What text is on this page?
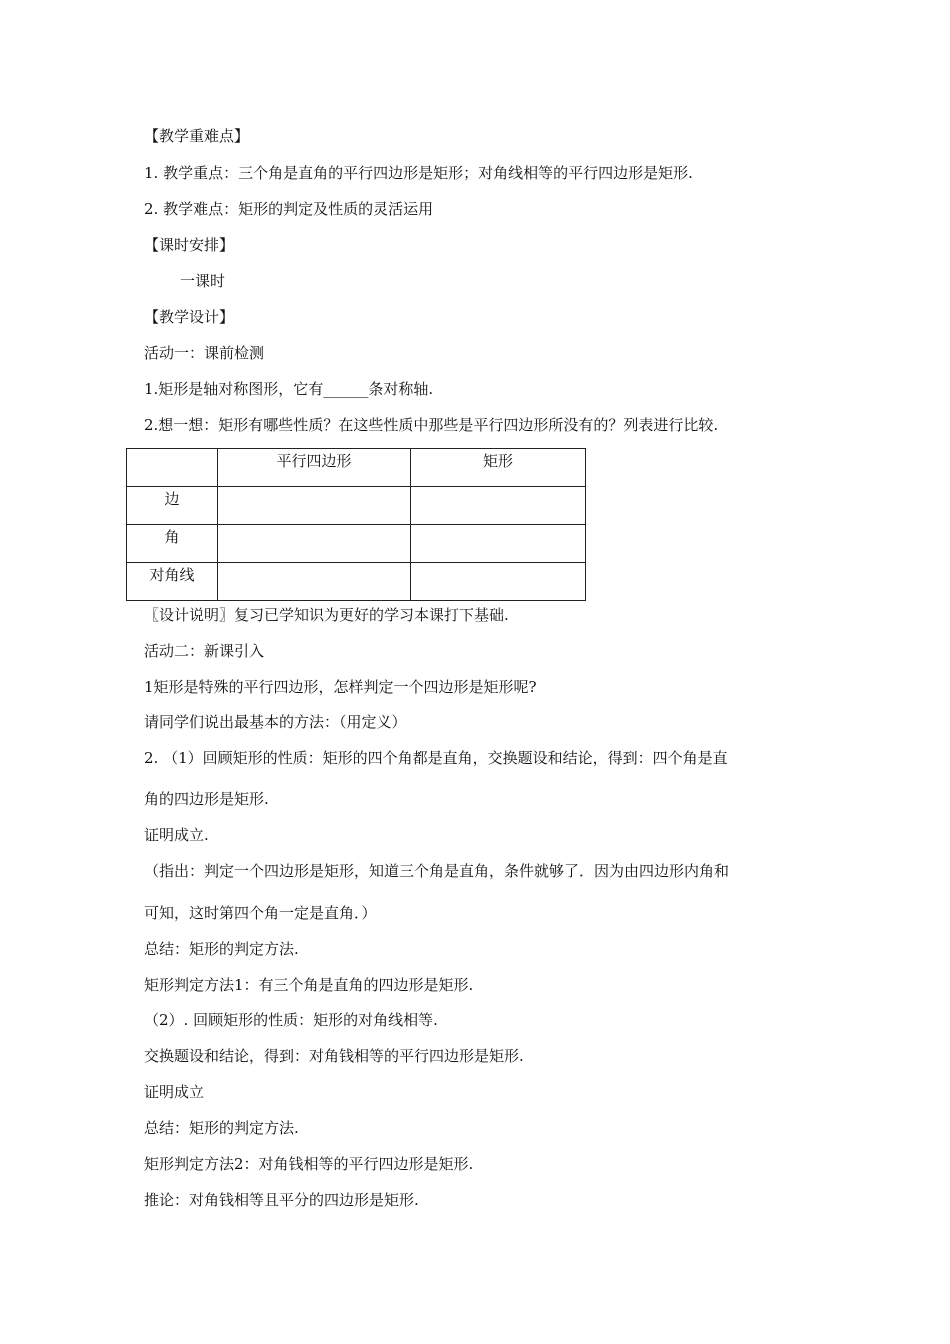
【教学重难点】
1. 教学重点：三个角是直角的平行四边形是矩形；对角线相等的平行四边形是矩形.
2. 教学难点：矩形的判定及性质的灵活运用
【课时安排】
一课时
【教学设计】
活动一：课前检测
1.矩形是轴对称图形，它有______条对称轴.
2.想一想：矩形有哪些性质？在这些性质中那些是平行四边形所没有的？列表进行比较.
	平行四边形	矩形
边		
角		
对角线		
〖设计说明〗复习已学知识为更好的学习本课打下基础.
活动二：新课引入
1矩形是特殊的平行四边形，怎样判定一个四边形是矩形呢?
请同学们说出最基本的方法：（用定义）
2. （1）回顾矩形的性质：矩形的四个角都是直角，交换题设和结论，得到：四个角是直
角的四边形是矩形.
证明成立.
（指出：判定一个四边形是矩形，知道三个角是直角，条件就够了．因为由四边形内角和
可知，这时第四个角一定是直角．）
总结：矩形的判定方法.
矩形判定方法1：有三个角是直角的四边形是矩形.
（2）. 回顾矩形的性质：矩形的对角线相等.
交换题设和结论，得到：对角钱相等的平行四边形是矩形.
证明成立
总结：矩形的判定方法.
矩形判定方法2：对角钱相等的平行四边形是矩形.
推论：对角钱相等且平分的四边形是矩形.
